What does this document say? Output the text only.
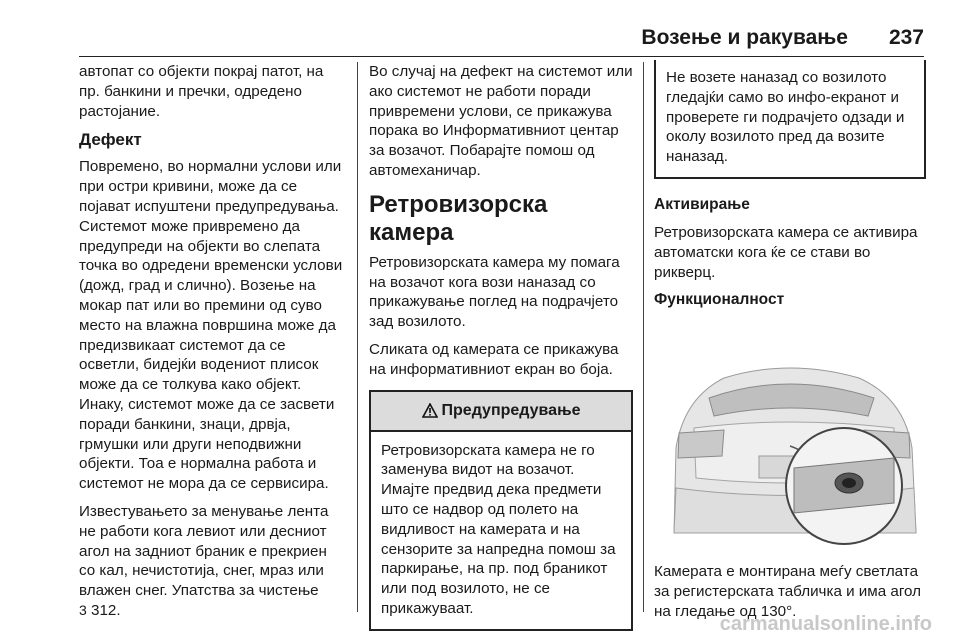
Возење и ракување 237

автопат со објекти покрај патот, на пр. банкини и пречки, одредено растојание.

Дефект

Повремено, во нормални услови или при остри кривини, може да се појават испуштени предупредувања. Системот може привремено да предупреди на објекти во слепата точка во одредени временски услови (дожд, град и слично). Возење на мокар пат или во премини од суво место на влажна површина може да предизвикаат системот да се осветли, бидејќи водениот плисок може да се толкува како објект. Инаку, системот може да се засвети поради банкини, знаци, дрвја, грмушки или други неподвижни објекти. Тоа е нормална работа и системот не мора да се сервисира.

Известувањето за менување лента не работи кога левиот или десниот агол на задниот браник е прекриен со кал, нечистотија, снег, мраз или влажен снег. Упатства за чистење
3 312.

Во случај на дефект на системот или ако системот не работи поради привремени услови, се прикажува порака во Информативниот центар за возачот. Побарајте помош од автомеханичар.

Ретровизорска камера

Ретровизорската камера му помага на возачот кога вози наназад со прикажување поглед на подрачјето зад возилото.

Сликата од камерата се прикажува на информативниот екран во боја.

Предупредување
Ретровизорската камера не го заменува видот на возачот. Имајте предвид дека предмети што се надвор од полето на видливост на камерата и на сензорите за напредна помош за паркирање, на пр. под браникот или под возилото, не се прикажуваат.
Не возете наназад со возилото гледајќи само во инфо-екранот и проверете ги подрачјето одзади и околу возилото пред да возите наназад.
Активирање

Ретровизорската камера се активира автоматски кога ќе се стави во рикверц.

Функционалност

Камерата е монтирана меѓу светлата за регистерската табличка и има агол на гледање од 130°.

carmanualsonline.info
